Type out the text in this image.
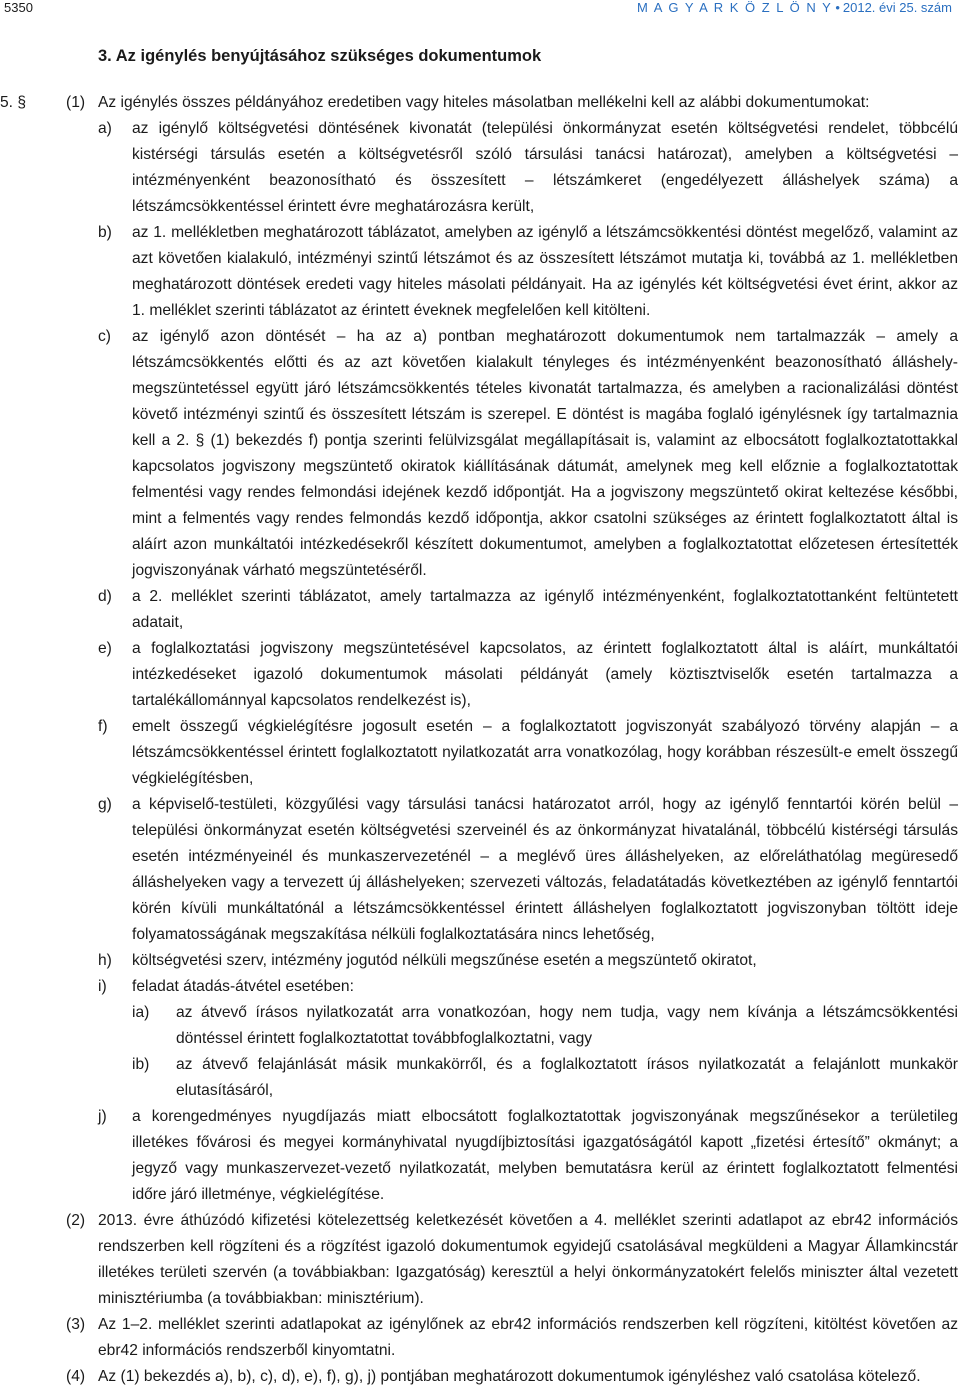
5350	M A G Y A R K Ö Z L Ö N Y • 2012. évi 25. szám
3. Az igénylés benyújtásához szükséges dokumentumok
5. §	(1) Az igénylés összes példányához eredetiben vagy hiteles másolatban mellékelni kell az alábbi dokumentumokat:
a)	az igénylő költségvetési döntésének kivonatát (települési önkormányzat esetén költségvetési rendelet, többcélú kistérségi társulás esetén a költségvetésről szóló társulási tanácsi határozat), amelyben a költségvetési – intézményenként beazonosítható és összesített – létszámkeret (engedélyezett álláshelyek száma) a létszámcsökkentéssel érintett évre meghatározásra került,
b)	az 1. mellékletben meghatározott táblázatot, amelyben az igénylő a létszámcsökkentési döntést megelőző, valamint az azt követően kialakuló, intézményi szintű létszámot és az összesített létszámot mutatja ki, továbbá az 1. mellékletben meghatározott döntések eredeti vagy hiteles másolati példányait. Ha az igénylés két költségvetési évet érint, akkor az 1. melléklet szerinti táblázatot az érintett éveknek megfelelően kell kitölteni.
c)	az igénylő azon döntését – ha az a) pontban meghatározott dokumentumok nem tartalmazzák – amely a létszámcsökkentés előtti és az azt követően kialakult tényleges és intézményenként beazonosítható álláshely-megszüntetéssel együtt járó létszámcsökkentés tételes kivonatát tartalmazza, és amelyben a racionalizálási döntést követő intézményi szintű és összesített létszám is szerepel. E döntést is magába foglaló igénylésnek így tartalmaznia kell a 2. § (1) bekezdés f) pontja szerinti felülvizsgálat megállapításait is, valamint az elbocsátott foglalkoztatottakkal kapcsolatos jogviszony megszüntető okiratok kiállításának dátumát, amelynek meg kell előznie a foglalkoztatottak felmentési vagy rendes felmondási idejének kezdő időpontját. Ha a jogviszony megszüntető okirat keltezése későbbi, mint a felmentés vagy rendes felmondás kezdő időpontja, akkor csatolni szükséges az érintett foglalkoztatott által is aláírt azon munkáltatói intézkedésekről készített dokumentumot, amelyben a foglalkoztatottat előzetesen értesítették jogviszonyának várható megszüntetéséről.
d)	a 2. melléklet szerinti táblázatot, amely tartalmazza az igénylő intézményenként, foglalkoztatottanként feltüntetett adatait,
e)	a foglalkoztatási jogviszony megszüntetésével kapcsolatos, az érintett foglalkoztatott által is aláírt, munkáltatói intézkedéseket igazoló dokumentumok másolati példányát (amely köztisztviselők esetén tartalmazza a tartalékállománnyal kapcsolatos rendelkezést is),
f)	emelt összegű végkielégítésre jogosult esetén – a foglalkoztatott jogviszonyát szabályozó törvény alapján – a létszámcsökkentéssel érintett foglalkoztatott nyilatkozatát arra vonatkozólag, hogy korábban részesült-e emelt összegű végkielégítésben,
g)	a képviselő-testületi, közgyűlési vagy társulási tanácsi határozatot arról, hogy az igénylő fenntartói körén belül – települési önkormányzat esetén költségvetési szerveinél és az önkormányzat hivatalánál, többcélú kistérségi társulás esetén intézményeinél és munkaszervezeténél – a meglévő üres álláshelyeken, az előreláthatólag megüresedő álláshelyeken vagy a tervezett új álláshelyeken; szervezeti változás, feladatátadás következtében az igénylő fenntartói körén kívüli munkáltatónál a létszámcsökkentéssel érintett álláshelyen foglalkoztatott jogviszonyban töltött ideje folyamatosságának megszakítása nélküli foglalkoztatására nincs lehetőség,
h)	költségvetési szerv, intézmény jogutód nélküli megszűnése esetén a megszüntető okiratot,
i)	feladat átadás-átvétel esetében:
ia)	az átvevő írásos nyilatkozatát arra vonatkozóan, hogy nem tudja, vagy nem kívánja a létszámcsökkentési döntéssel érintett foglalkoztatottat továbbfoglalkoztatni, vagy
ib)	az átvevő felajánlását másik munkakörről, és a foglalkoztatott írásos nyilatkozatát a felajánlott munkakör elutasításáról,
j)	a korengedményes nyugdíjazás miatt elbocsátott foglalkoztatottak jogviszonyának megszűnésekor a területileg illetékes fővárosi és megyei kormányhivatal nyugdíjbiztosítási igazgatóságától kapott „fizetési értesítő” okmányt; a jegyző vagy munkaszervezet-vezető nyilatkozatát, melyben bemutatásra kerül az érintett foglalkoztatott felmentési időre járó illetménye, végkielégítése.
(2) 2013. évre áthúzódó kifizetési kötelezettség keletkezését követően a 4. melléklet szerinti adatlapot az ebr42 információs rendszerben kell rögzíteni és a rögzítést igazoló dokumentumok egyidejű csatolásával megküldeni a Magyar Államkincstár illetékes területi szervén (a továbbiakban: Igazgatóság) keresztül a helyi önkormányzatokért felelős miniszter által vezetett minisztériumba (a továbbiakban: minisztérium).
(3) Az 1–2. melléklet szerinti adatlapokat az igénylőnek az ebr42 információs rendszerben kell rögzíteni, kitöltést követően az ebr42 információs rendszerből kinyomtatni.
(4) Az (1) bekezdés a), b), c), d), e), f), g), j) pontjában meghatározott dokumentumok igényléshez való csatolása kötelező.
